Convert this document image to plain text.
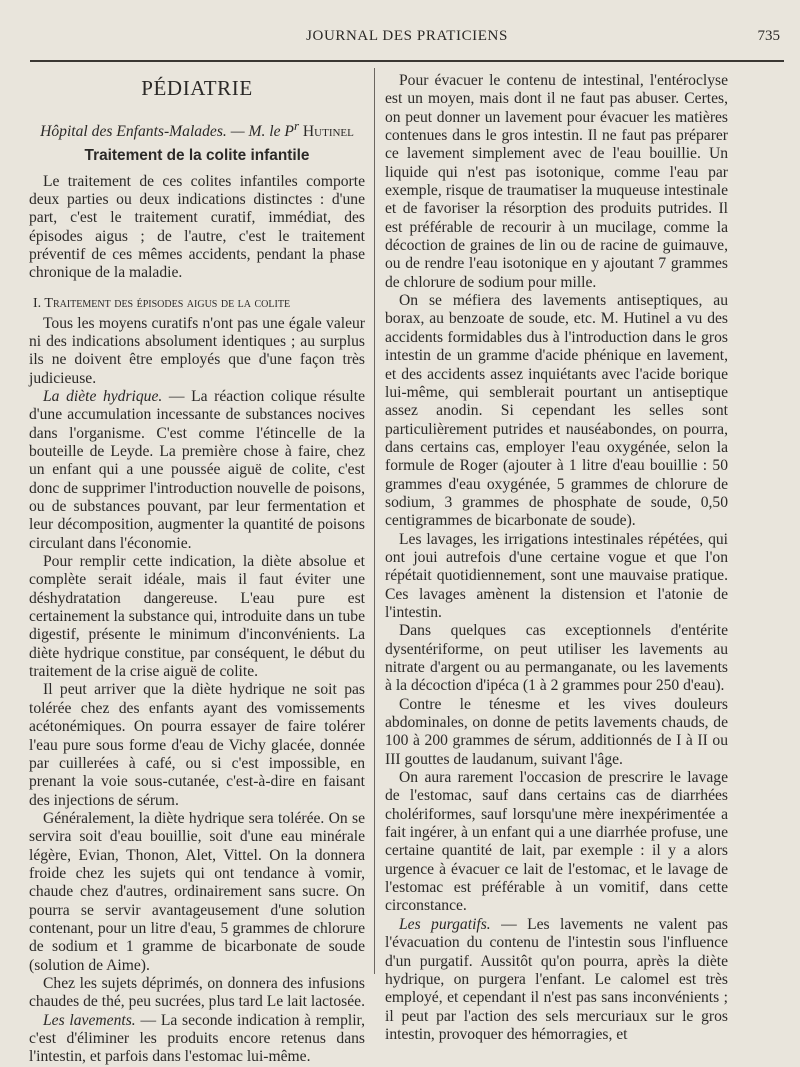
JOURNAL DES PRATICIENS	735
PÉDIATRIE
Hôpital des Enfants-Malades. — M. le $P^r$ Hutinel
Traitement de la colite infantile

Le traitement de ces colites infantiles comporte deux parties ou deux indications distinctes : d'une part, c'est le traitement curatif, immédiat, des épisodes aigus ; de l'autre, c'est le traitement préventif de ces mêmes accidents, pendant la phase chronique de la maladie.

I. Traitement des épisodes aigus de la colite

Tous les moyens curatifs n'ont pas une égale valeur ni des indications absolument identiques ; au surplus ils ne doivent être employés que d'une façon très judicieuse.

La diète hydrique. — La réaction colique résulte d'une accumulation incessante de substances nocives dans l'organisme. C'est comme l'étincelle de la bouteille de Leyde. La première chose à faire, chez un enfant qui a une poussée aiguë de colite, c'est donc de supprimer l'introduction nouvelle de poisons, ou de substances pouvant, par leur fermentation et leur décomposition, augmenter la quantité de poisons circulant dans l'économie.

Pour remplir cette indication, la diète absolue et complète serait idéale, mais il faut éviter une déshydratation dangereuse. L'eau pure est certainement la substance qui, introduite dans un tube digestif, présente le minimum d'inconvénients. La diète hydrique constitue, par conséquent, le début du traitement de la crise aiguë de colite.

Il peut arriver que la diète hydrique ne soit pas tolérée chez des enfants ayant des vomissements acétonémiques. On pourra essayer de faire tolérer l'eau pure sous forme d'eau de Vichy glacée, donnée par cuillerées à café, ou si c'est impossible, en prenant la voie sous-cutanée, c'est-à-dire en faisant des injections de sérum.

Généralement, la diète hydrique sera tolérée. On se servira soit d'eau bouillie, soit d'une eau minérale légère, Evian, Thonon, Alet, Vittel. On la donnera froide chez les sujets qui ont tendance à vomir, chaude chez d'autres, ordinairement sans sucre. On pourra se servir avantageusement d'une solution contenant, pour un litre d'eau, 5 grammes de chlorure de sodium et 1 gramme de bicarbonate de soude (solution de Aime).

Chez les sujets déprimés, on donnera des infusions chaudes de thé, peu sucrées, plus tard Le lait lactosée.

Les lavements. — La seconde indication à remplir, c'est d'éliminer les produits encore retenus dans l'intestin, et parfois dans l'estomac lui-même.

Pour évacuer le contenu de intestinal, l'entéroclyse est un moyen, mais dont il ne faut pas abuser. Certes, on peut donner un lavement pour évacuer les matières contenues dans le gros intestin. Il ne faut pas préparer ce lavement simplement avec de l'eau bouillie. Un liquide qui n'est pas isotonique, comme l'eau par exemple, risque de traumatiser la muqueuse intestinale et de favoriser la résorption des produits putrides. Il est préférable de recourir à un mucilage, comme la décoction de graines de lin ou de racine de guimauve, ou de rendre l'eau isotonique en y ajoutant 7 grammes de chlorure de sodium pour mille.

On se méfiera des lavements antiseptiques, au borax, au benzoate de soude, etc. M. Hutinel a vu des accidents formidables dus à l'introduction dans le gros intestin de un gramme d'acide phénique en lavement, et des accidents assez inquiétants avec l'acide borique lui-même, qui semblerait pourtant un antiseptique assez anodin. Si cependant les selles sont particulièrement putrides et nauséabondes, on pourra, dans certains cas, employer l'eau oxygénée, selon la formule de Roger (ajouter à 1 litre d'eau bouillie : 50 grammes d'eau oxygénée, 5 grammes de chlorure de sodium, 3 grammes de phosphate de soude, 0,50 centigrammes de bicarbonate de soude).

Les lavages, les irrigations intestinales répétées, qui ont joui autrefois d'une certaine vogue et que l'on répétait quotidiennement, sont une mauvaise pratique. Ces lavages amènent la distension et l'atonie de l'intestin.

Dans quelques cas exceptionnels d'entérite dysentériforme, on peut utiliser les lavements au nitrate d'argent ou au permanganate, ou les lavements à la décoction d'ipéca (1 à 2 grammes pour 250 d'eau).

Contre le ténesme et les vives douleurs abdominales, on donne de petits lavements chauds, de 100 à 200 grammes de sérum, additionnés de I à II ou III gouttes de laudanum, suivant l'âge.

On aura rarement l'occasion de prescrire le lavage de l'estomac, sauf dans certains cas de diarrhées cholériformes, sauf lorsqu'une mère inexpérimentée a fait ingérer, à un enfant qui a une diarrhée profuse, une certaine quantité de lait, par exemple : il y a alors urgence à évacuer ce lait de l'estomac, et le lavage de l'estomac est préférable à un vomitif, dans cette circonstance.

Les purgatifs. — Les lavements ne valent pas l'évacuation du contenu de l'intestin sous l'influence d'un purgatif. Aussitôt qu'on pourra, après la diète hydrique, on purgera l'enfant. Le calomel est très employé, et cependant il n'est pas sans inconvénients ; il peut par l'action des sels mercuriaux sur le gros intestin, provoquer des hémorragies, et
